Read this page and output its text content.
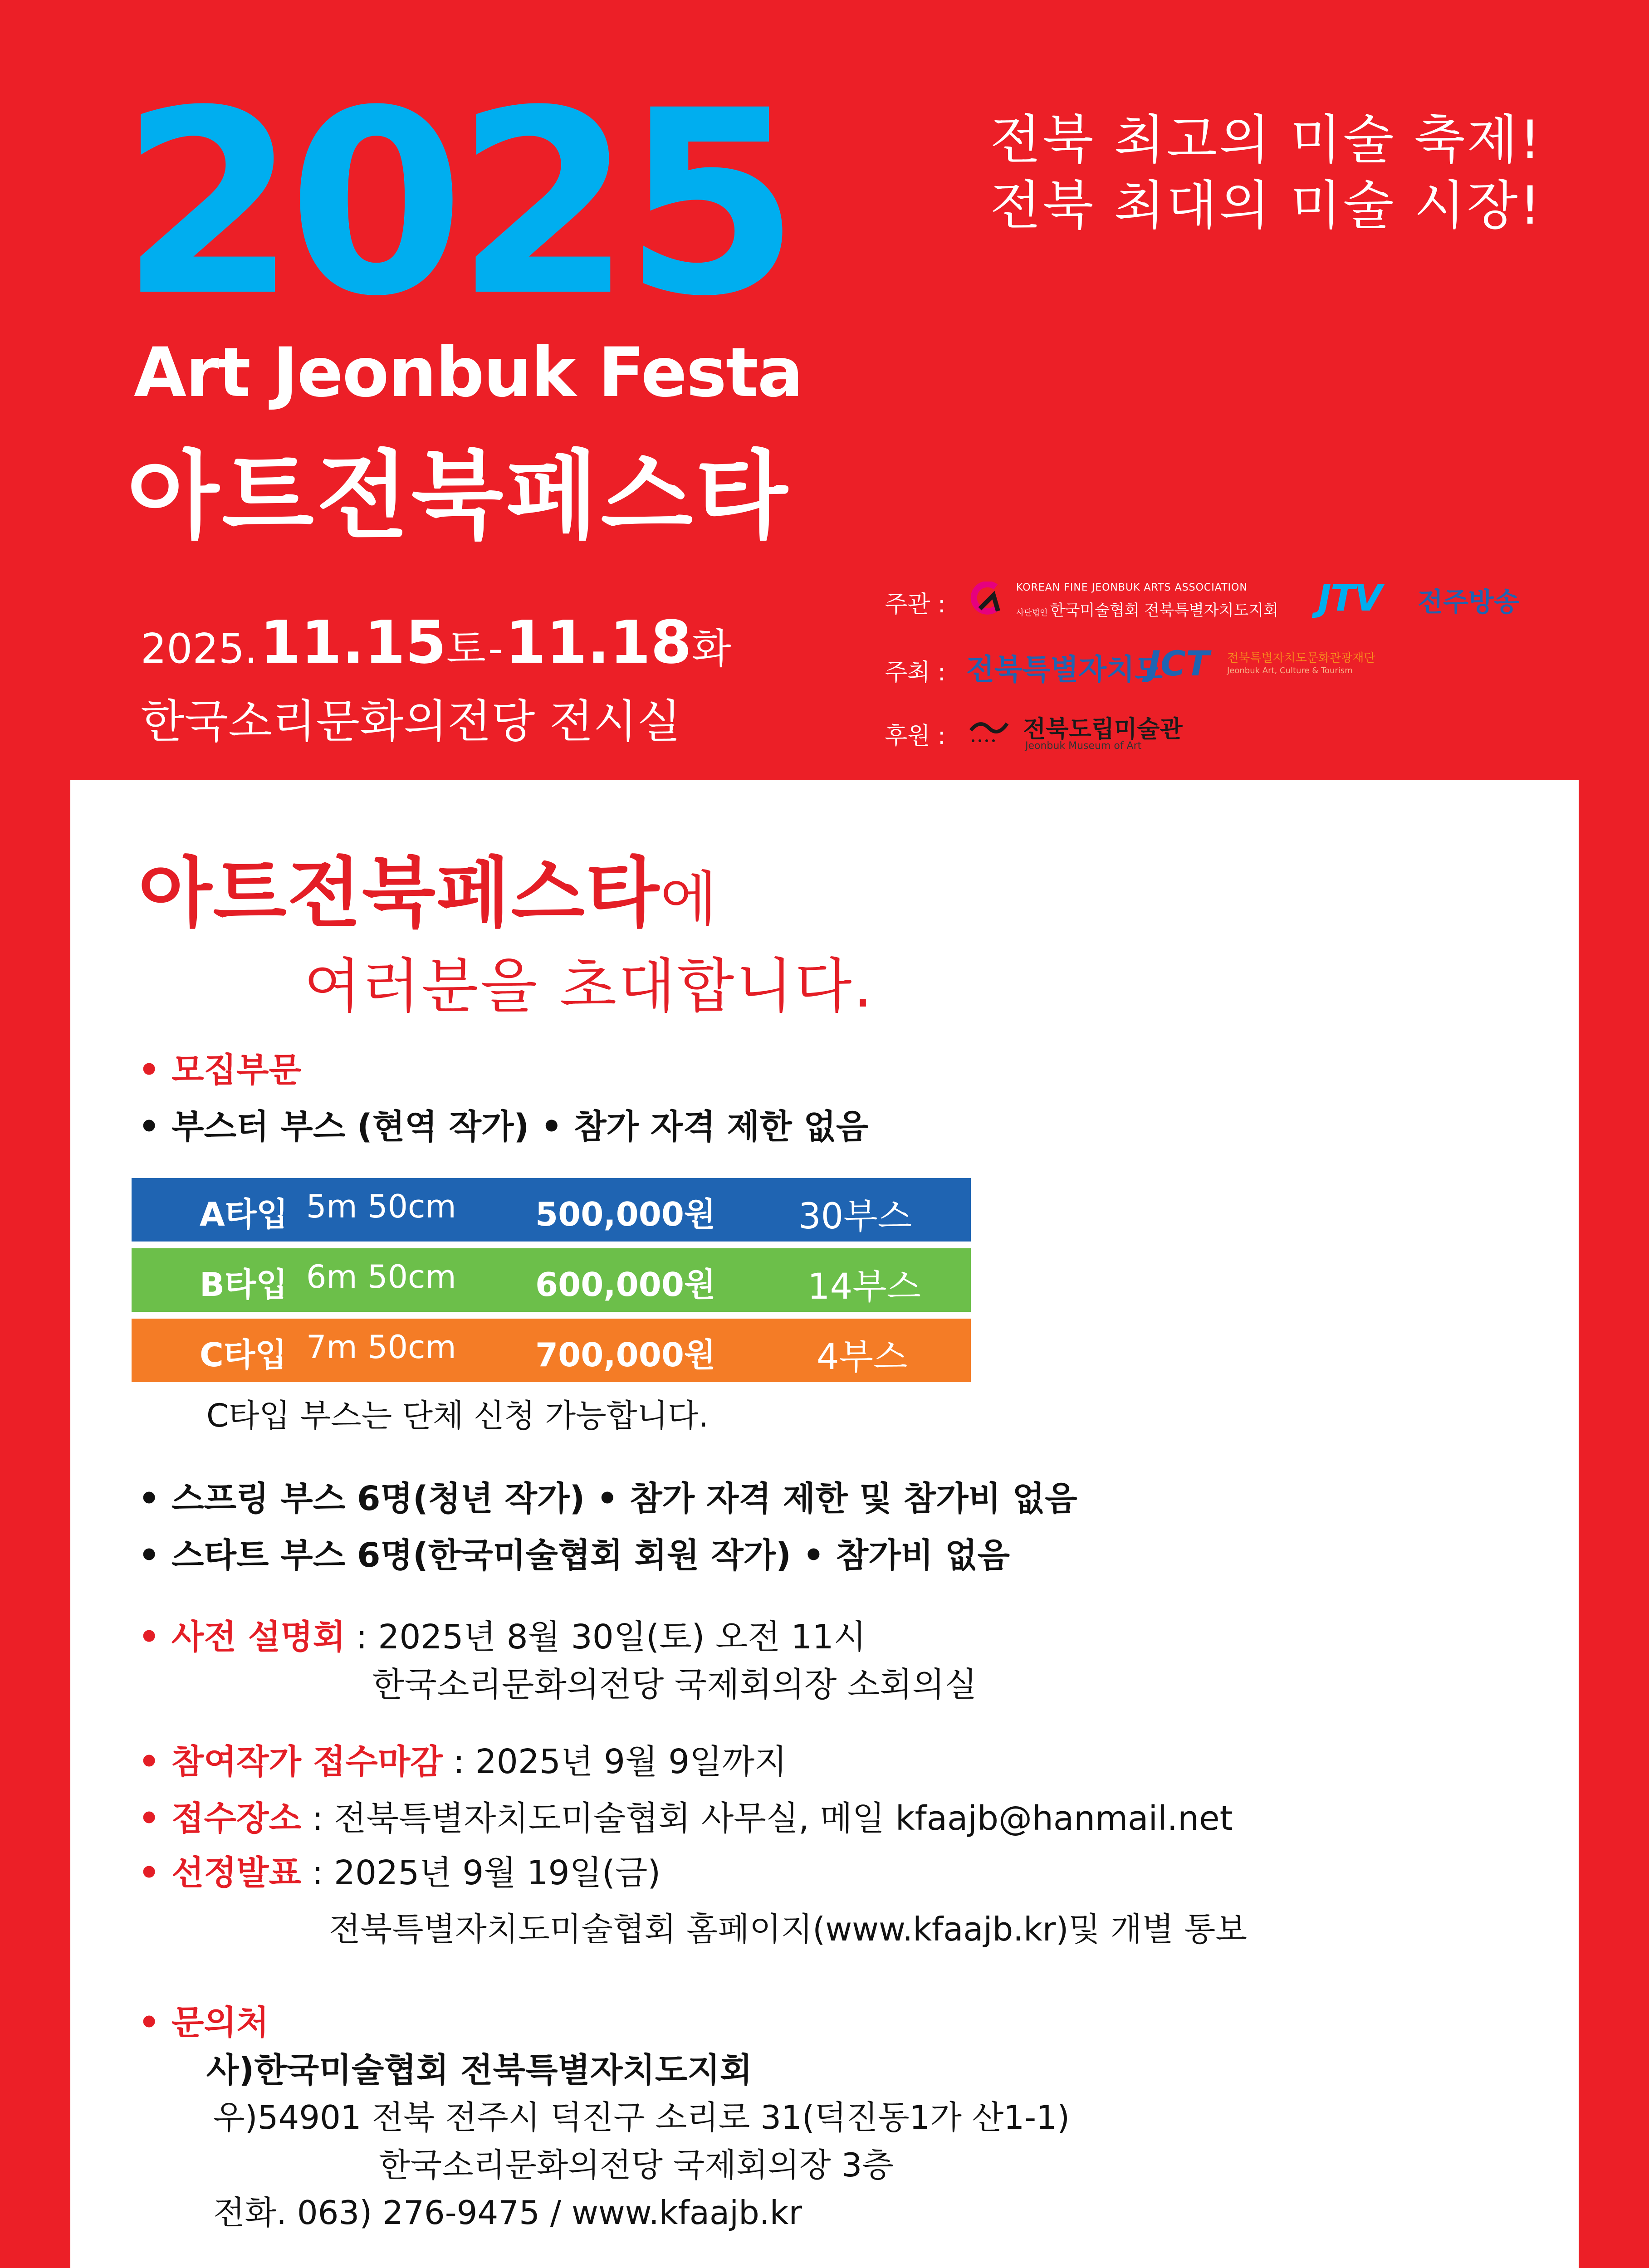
2025
Art Jeonbuk Festa
아트전북페스타
전북 최고의 미술 축제!
전북 최대의 미술 시장!
2025. 11.15토 - 11.18화
한국소리문화의전당 전시실
주관 :
KOREAN FINE JEONBUK ARTS ASSOCIATION
사단법인 한국미술협회 전북특별자치도지회 JTV 전주방송
주최 : 전북특별자치도
JCT 전북특별자치도문화관광재단
Jeonbuk Art, Culture & Tourism
후원 :	전북도립미술관
Jeonbuk Museum of Art
아트전북페스타에
여러분을 초대합니다.
• 모집부문
• 부스터 부스 (현역 작가) • 참가 자격 제한 없음
A타입 5m 50cm 500,000원 30부스
B타입 6m 50cm 600,000원	14부스
C타입 7m 50cm 700,000원	4부스
C타입 부스는 단체 신청 가능합니다.
• 스프링 부스 6명(청년 작가) • 참가 자격 제한 및 참가비 없음
• 스타트 부스 6명(한국미술협회 회원 작가) • 참가비 없음
• 사전 설명회 : 2025년 8월 30일(토) 오전 11시
한국소리문화의전당 국제회의장 소회의실
• 참여작가 접수마감 : 2025년 9월 9일까지
• 접수장소 : 전북특별자치도미술협회 사무실, 메일 kfaajb@hanmail.net
• 선정발표 : 2025년 9월 19일(금)
전북특별자치도미술협회 홈페이지(www.kfaajb.kr)및 개별 통보
• 문의처
사)한국미술협회 전북특별자치도지회
우)54901 전북 전주시 덕진구 소리로 31(덕진동1가 산1-1)
한국소리문화의전당 국제회의장 3층
전화. 063) 276-9475 / www.kfaajb.kr
